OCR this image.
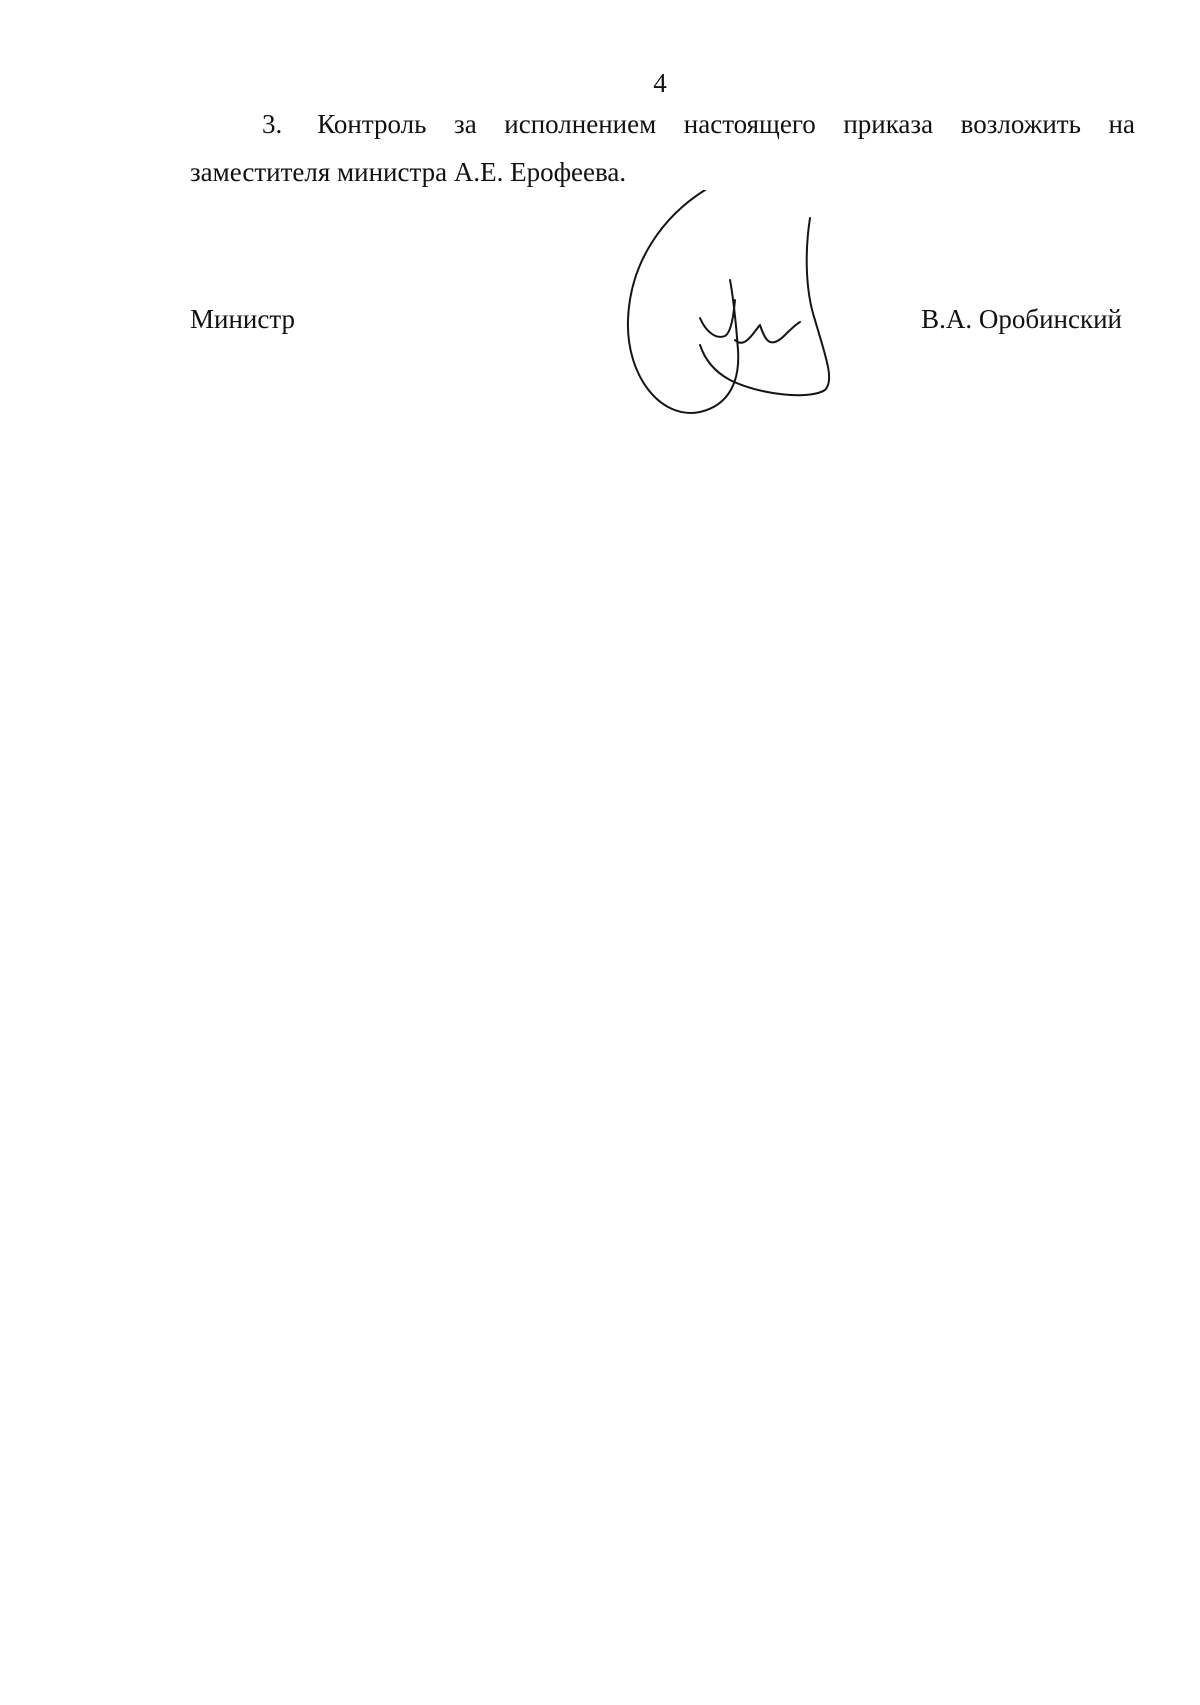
4
3. Контроль за исполнением настоящего приказа возложить на
заместителя министра А.Е. Ерофеева.
Министр	В.А. Оробинский
